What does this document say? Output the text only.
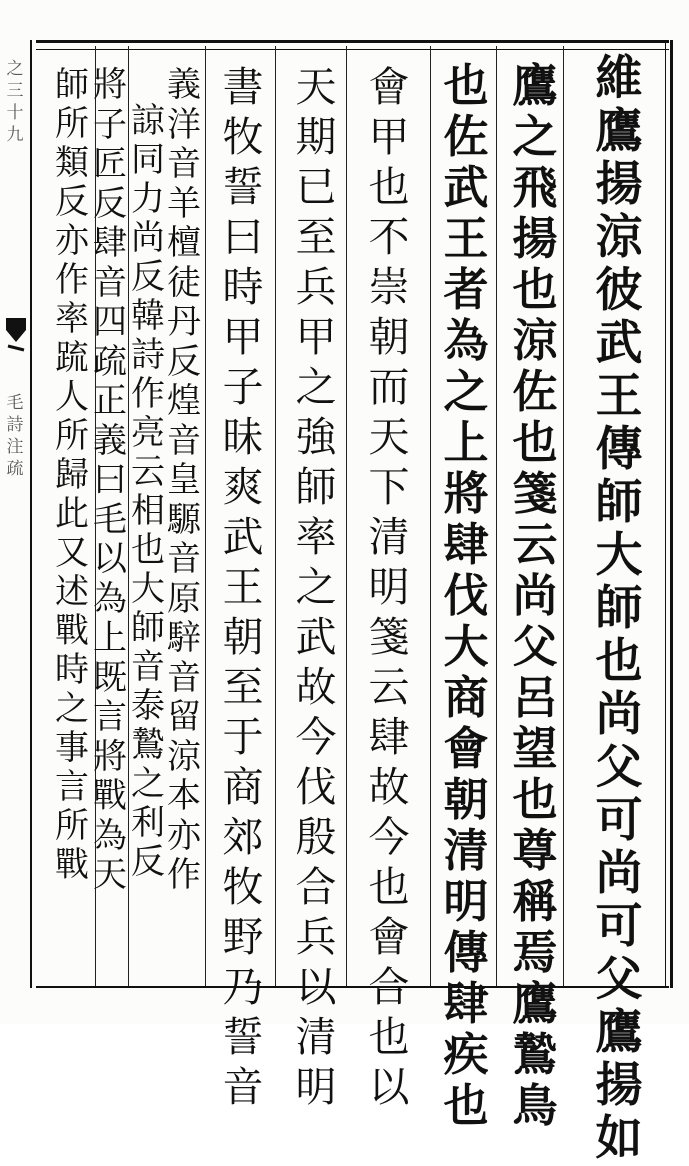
之
三
十
九
毛
詩
注
疏
維
鷹
揚
涼
彼
武
王
傳
師
大
師
也
尚
父
可
尚
可
父
鷹
揚
如
鷹
之
飛
揚
也
涼
佐
也
箋
云
尚
父
呂
望
也
尊
稱
焉
鷹
鷙
鳥
也
佐
武
王
者
為
之
上
將
肆
伐
大
商
會
朝
清
明
傳
肆
疾
也
會
甲
也
不
崇
朝
而
天
下
清
明
箋
云
肆
故
今
也
會
合
也
以
天
期
已
至
兵
甲
之
強
師
率
之
武
故
今
伐
殷
合
兵
以
清
明
書
牧
誓
曰
時
甲
子
昧
爽
武
王
朝
至
于
商
郊
牧
野
乃
誓
音
義
洋
音
羊
檀
徒
丹
反
煌
音
皇
騵
音
原
騂
音
留
涼
本
亦
作
諒
同
力
尚
反
韓
詩
作
亮
云
相
也
大
師
音
泰
鷙
之
利
反
將
子
匠
反
肆
音
四
疏
正
義
曰
毛
以
為
上
既
言
將
戰
為
天
師
所
類
反
亦
作
率
䟽
人
所
歸
此
又
述
戰
時
之
事
言
所
戰
